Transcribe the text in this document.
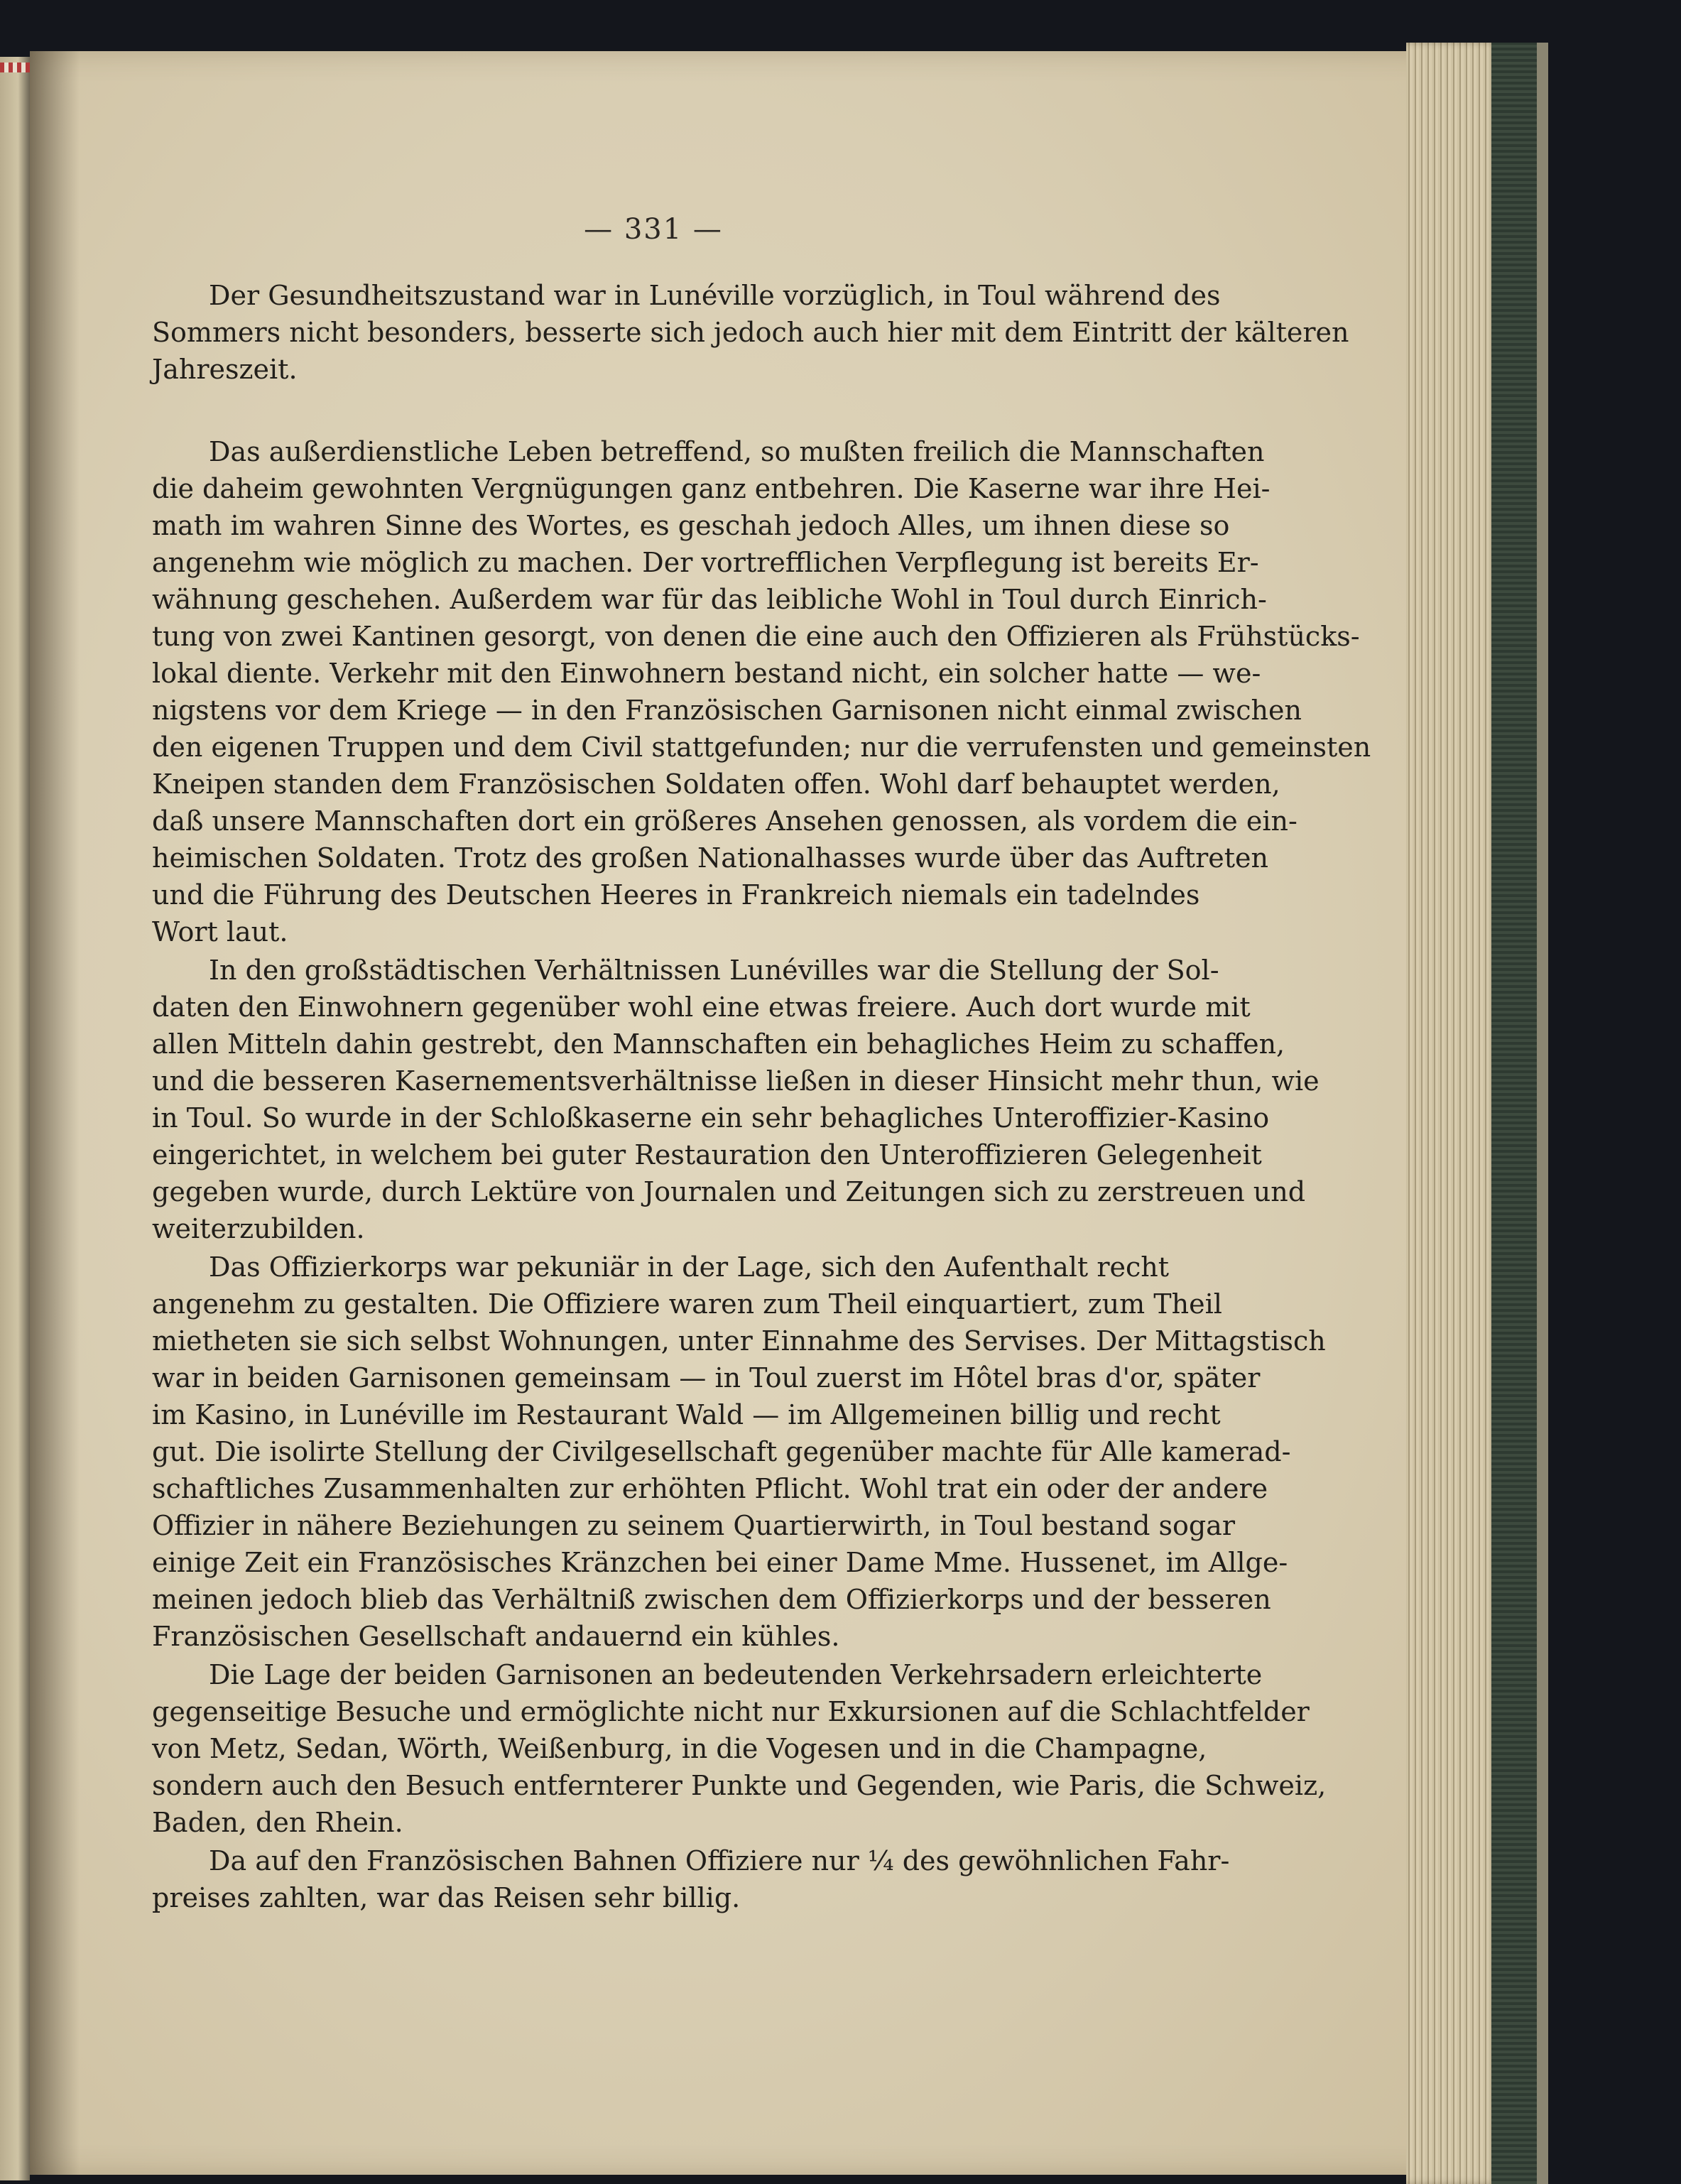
— 331 —
Der Gesundheitszustand war in Lunéville vorzüglich, in Toul während des
Sommers nicht besonders, besserte sich jedoch auch hier mit dem Eintritt der kälteren
Jahreszeit.
Das außerdienstliche Leben betreffend, so mußten freilich die Mannschaften
die daheim gewohnten Vergnügungen ganz entbehren. Die Kaserne war ihre Hei-
math im wahren Sinne des Wortes, es geschah jedoch Alles, um ihnen diese so
angenehm wie möglich zu machen. Der vortrefflichen Verpflegung ist bereits Er-
wähnung geschehen. Außerdem war für das leibliche Wohl in Toul durch Einrich-
tung von zwei Kantinen gesorgt, von denen die eine auch den Offizieren als Frühstücks-
lokal diente. Verkehr mit den Einwohnern bestand nicht, ein solcher hatte — we-
nigstens vor dem Kriege — in den Französischen Garnisonen nicht einmal zwischen
den eigenen Truppen und dem Civil stattgefunden; nur die verrufensten und gemeinsten
Kneipen standen dem Französischen Soldaten offen. Wohl darf behauptet werden,
daß unsere Mannschaften dort ein größeres Ansehen genossen, als vordem die ein-
heimischen Soldaten. Trotz des großen Nationalhasses wurde über das Auftreten
und die Führung des Deutschen Heeres in Frankreich niemals ein tadelndes
Wort laut.
In den großstädtischen Verhältnissen Lunévilles war die Stellung der Sol-
daten den Einwohnern gegenüber wohl eine etwas freiere. Auch dort wurde mit
allen Mitteln dahin gestrebt, den Mannschaften ein behagliches Heim zu schaffen,
und die besseren Kasernementsverhältnisse ließen in dieser Hinsicht mehr thun, wie
in Toul. So wurde in der Schloßkaserne ein sehr behagliches Unteroffizier-Kasino
eingerichtet, in welchem bei guter Restauration den Unteroffizieren Gelegenheit
gegeben wurde, durch Lektüre von Journalen und Zeitungen sich zu zerstreuen und
weiterzubilden.
Das Offizierkorps war pekuniär in der Lage, sich den Aufenthalt recht
angenehm zu gestalten. Die Offiziere waren zum Theil einquartiert, zum Theil
mietheten sie sich selbst Wohnungen, unter Einnahme des Servises. Der Mittagstisch
war in beiden Garnisonen gemeinsam — in Toul zuerst im Hôtel bras d'or, später
im Kasino, in Lunéville im Restaurant Wald — im Allgemeinen billig und recht
gut. Die isolirte Stellung der Civilgesellschaft gegenüber machte für Alle kamerad-
schaftliches Zusammenhalten zur erhöhten Pflicht. Wohl trat ein oder der andere
Offizier in nähere Beziehungen zu seinem Quartierwirth, in Toul bestand sogar
einige Zeit ein Französisches Kränzchen bei einer Dame Mme. Hussenet, im Allge-
meinen jedoch blieb das Verhältniß zwischen dem Offizierkorps und der besseren
Französischen Gesellschaft andauernd ein kühles.
Die Lage der beiden Garnisonen an bedeutenden Verkehrsadern erleichterte
gegenseitige Besuche und ermöglichte nicht nur Exkursionen auf die Schlachtfelder
von Metz, Sedan, Wörth, Weißenburg, in die Vogesen und in die Champagne,
sondern auch den Besuch entfernterer Punkte und Gegenden, wie Paris, die Schweiz,
Baden, den Rhein.
Da auf den Französischen Bahnen Offiziere nur ¼ des gewöhnlichen Fahr-
preises zahlten, war das Reisen sehr billig.
